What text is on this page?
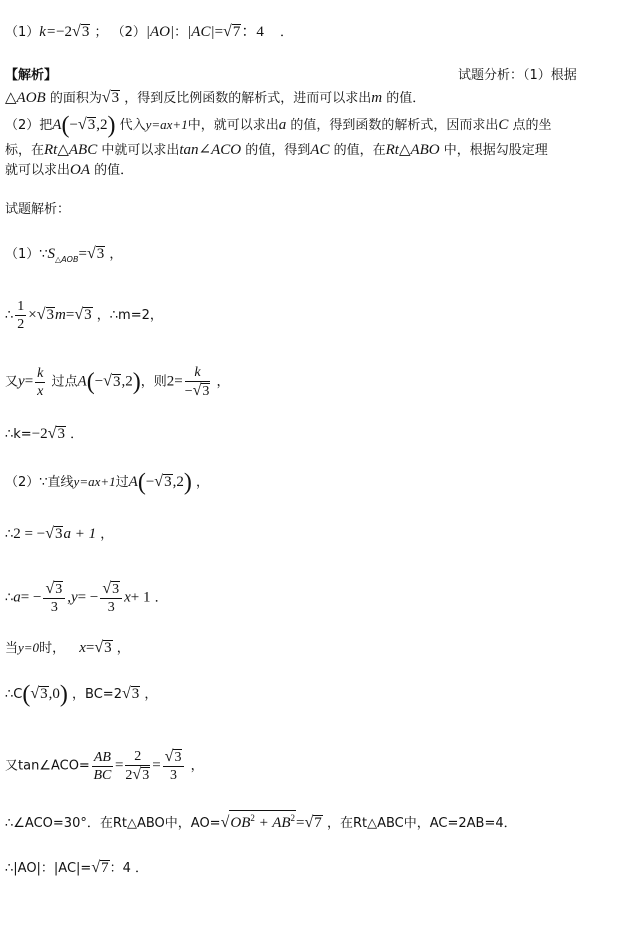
（1）k=−2√3 ； （2）|AO|：|AC|=√7：4 ．
【解析】	试题分析：（1）根据
△AOB 的面积为√3 ，得到反比例函数的解析式，进而可以求出m 的值．
（2）把A(−√3,2) 代入y=ax+1中，就可以求出a 的值，得到函数的解析式，因而求出C 点的坐
标，在Rt△ABC 中就可以求出tan∠ACO 的值，得到AC 的值，在Rt△ABO 中，根据勾股定理
就可以求出OA 的值．
试题解析：
$(1)\because S_{\triangle AOB}=√3$ ，
∴ $\frac{1}{2} \times√3m=√3$ ，∴m=2，
又$y= \frac{k}{x}$ 过点A(−√3,2)，则$2= \frac{k}{-√3}$ ，
∴k=−2√3 ．
（2）∵直线y=ax+1过A(−√3,2) ，
∴2 = −√3a + 1 ，
∴a= − $\frac{√3}{3} ,y= - \frac{√3}{3} x+ 1$ ．
当y=0时， x=√3 ，
∴C(√3,0) ，BC=2√3 ，
又tan∠ACO= $\frac{AB}{BC} = \frac{2}{2√3} = \frac{√3}{3}$ ，
∴∠ACO=30°．在Rt△ABO中，$AO=√OB^2 + AB^2=√7$ ，在Rt△ABC中，AC=2AB=4．
∴|AO|：|AC|=√7：4 ．
